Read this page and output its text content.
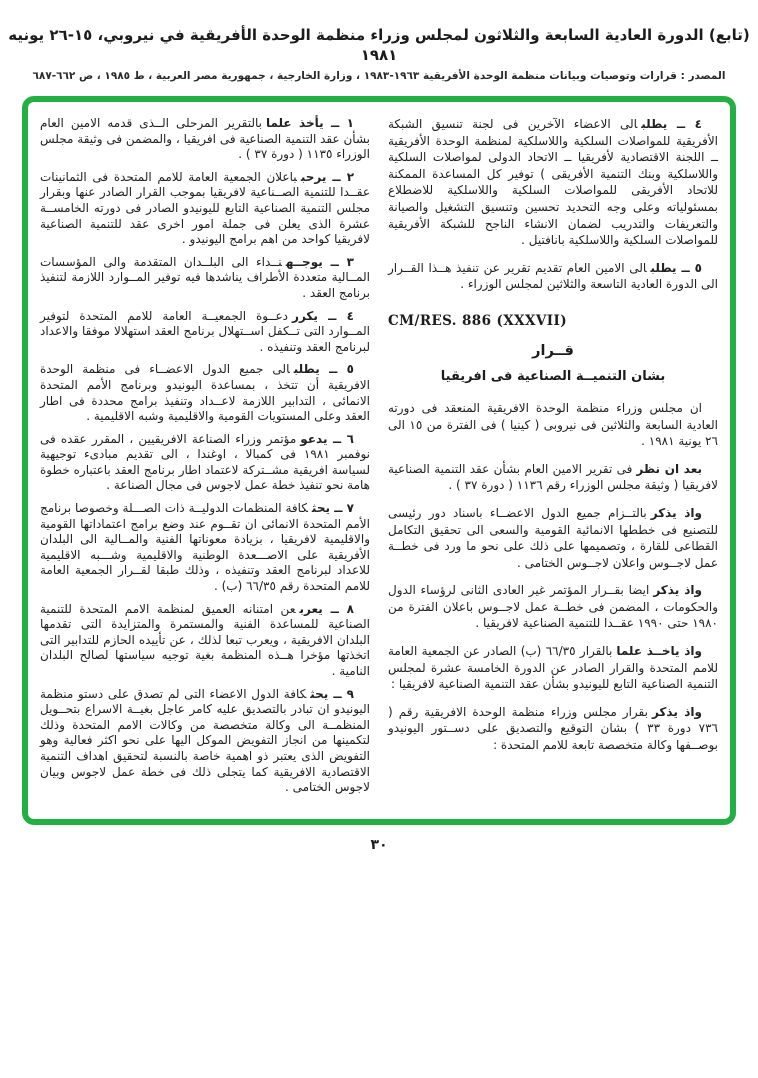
(تابع) الدورة العادية السابعة والثلاثون لمجلس وزراء منظمة الوحدة الأفريقية في نيروبي، ١٥-٢٦ يونيه ١٩٨١
المصدر : قرارات وتوصيات وبيانات منظمة الوحدة الأفريقية ١٩٦٣-١٩٨٣ ، وزارة الخارجية ، جمهورية مصر العربية ، ط ١٩٨٥ ، ص ٦٦٢-٦٨٧

٤ ــ يطلبالى الاعضاء الآخرين فى لجنة تنسيق الشبكة الأفريقية للمواصلات السلكية واللاسلكية لمنظمة الوحدة الأفريقية ــ اللجنة الاقتصادية لأفريقيا ــ الاتحاد الدولى لمواصلات السلكية واللاسلكية وبنك التنمية الأفريقى ) توفير كل المساعدة الممكنة للاتحاد الأفريقى للمواصلات السلكية واللاسلكية للاضطلاع بمسئولياته وعلى وجه التحديد تحسين وتنسيق التشغيل والصيانة والتعريفات والتدريب لضمان الانشاء الناجح للشبكة الأفريقية للمواصلات السلكية واللاسلكية بانافتيل .

٥ ــ يطلبالى الامين العام تقديم تقرير عن تنفيذ هــذا القــرار الى الدورة العادية التاسعة والثلاثين لمجلس الوزراء .

CM/RES. 886 (XXXVII)
قــرار
بشان التنميــة الصناعية فى افريقيا

ان مجلس وزراء منظمة الوحدة الافريقية المنعقد فى دورته العادية السابعة والثلاثين فى نيروبى ( كينيا ) فى الفترة من ١٥ الى ٢٦ يونية ١٩٨١ .

بعد ان نظرفى تقرير الامين العام بشأن عقد التنمية الصناعية لافريقيا ( وثيقة مجلس الوزراء رقم ١١٣٦ ( دورة ٣٧ ) .

واذ يذكربالتــزام جميع الدول الاعضــاء باسناد دور رئيسى للتصنيع فى خططها الانمائية القومية والسعى الى تحقيق التكامل القطاعى للقارة ، وتصميمها على ذلك على نحو ما ورد فى خطــة عمل لاجــوس واعلان لاجــوس الختامى .

واذ يذكرايضا بقــرار المؤتمر غير العادى الثانى لرؤساء الدول والحكومات ، المضمن فى خطــة عمل لاجــوس باعلان الفترة من ١٩٨٠ حتى ١٩٩٠ عقــدا للتنمية الصناعية لافريقيا .

واذ ياخــذ علمابالقرار ٦٦/٣٥ (ب) الصادر عن الجمعية العامة للامم المتحدة والقرار الصادر عن الدورة الخامسة عشرة لمجلس التنمية الصناعية التابع لليونيدو بشأن عقد التنمية الصناعية لافريقيا :

واذ يذكربقرار مجلس وزراء منظمة الوحدة الافريقية رقم ( ٧٣٦ دورة ٣٣ ) بشان التوقيع والتصديق على دســتور اليونيدو بوصــفها وكالة متخصصة تابعة للامم المتحدة :

١ ــ يأخذ علمابالتقرير المرحلى الــذى قدمه الامين العام بشأن عقد التنمية الصناعية فى افريقيا ، والمضمن فى وثيقة مجلس الوزراء ١١٣٥ ( دورة ٣٧ ) .

٢ ــ يرحبباعلان الجمعية العامة للامم المتحدة فى الثمانينات عقــدا للتنمية الصــناعية لافريقيا بموجب القرار الصادر عنها وبقرار مجلس التنمية الصناعية التابع لليونيدو الصادر فى دورته الخامســة عشرة الذى يعلن فى جملة امور اخرى عقد للتنمية الصناعية لافريقيا كواحد من اهم برامج اليونيدو .

٣ ــ يوجــهنــداء الى البلــدان المتقدمة والى المؤسسات المــالية متعددة الأطراف يناشدها فيه توفير المــوارد اللازمة لتنفيذ برنامج العقد .

٤ ــ يكرردعــوة الجمعيــة العامة للامم المتحدة لتوفير المــوارد التى تــكفل اســتهلال برنامج العقد استهلالا موفقا والاعداد لبرنامج العقد وتنفيذه .

٥ ــ يطلبالى جميع الدول الاعضــاء فى منظمة الوحدة الافريقية أن تتخذ ، بمساعدة اليونيدو وبرنامج الأمم المتحدة الانمائى ، التدابير اللازمة لاعــداد وتنفيذ برامج محددة فى اطار العقد وعلى المستويات القومية والاقليمية وشبه الاقليمية .

٦ ــ يدعومؤتمر وزراء الصناعة الافريقيين ، المقرر عقده فى نوفمبر ١٩٨١ فى كمبالا ، اوغندا ، الى تقديم مبادىء توجيهية لسياسة افريقية مشــتركة لاعتماد اطار برنامج العقد باعتباره خطوة هامة نحو تنفيذ خطة عمل لاجوس فى مجال الصناعة .

٧ ــ يحثكافة المنظمات الدوليــة ذات الصـــلة وخصوصا برنامج الأمم المتحدة الانمائى ان تقــوم عند وضع برامج اعتماداتها القومية والاقليمية لافريقيا ، بزيادة معوناتها الفنية والمــالية الى البلدان الأفريقية على الاصـــعدة الوطنية والاقليمية وشـــبه الاقليمية للاعداد لبرنامج العقد وتنفيذه ، وذلك طبقا لقــرار الجمعية العامة للامم المتحدة رقم ٦٦/٣٥ (ب) .

٨ ــ يعربعن امتنانه العميق لمنظمة الامم المتحدة للتنمية الصناعية للمساعدة الفنية والمستمرة والمتزايدة التى تقدمها البلدان الافريقية ، ويعرب تبعا لذلك ، عن تأييده الحازم للتدابير التى اتخذتها مؤخرا هــذه المنظمة بغية توجيه سياستها لصالح البلدان النامية .

٩ ــ يحثكافة الدول الاعضاء التى لم تصدق على دستو منظمة اليونيدو ان تبادر بالتصديق عليه كامر عاجل بغيــة الاسراع بتحــويل المنظمــة الى وكالة متخصصة من وكالات الامم المتحدة وذلك لتكمينها من انجاز التفويض الموكل اليها على نحو اكثر فعالية وهو التفويض الذى يعتبر ذو اهمية خاصة بالنسبة لتحقيق اهداف التنمية الاقتصادية الافريقية كما يتجلى ذلك فى خطة عمل لاجوس وبيان لاجوس الختامى .

٣٠
